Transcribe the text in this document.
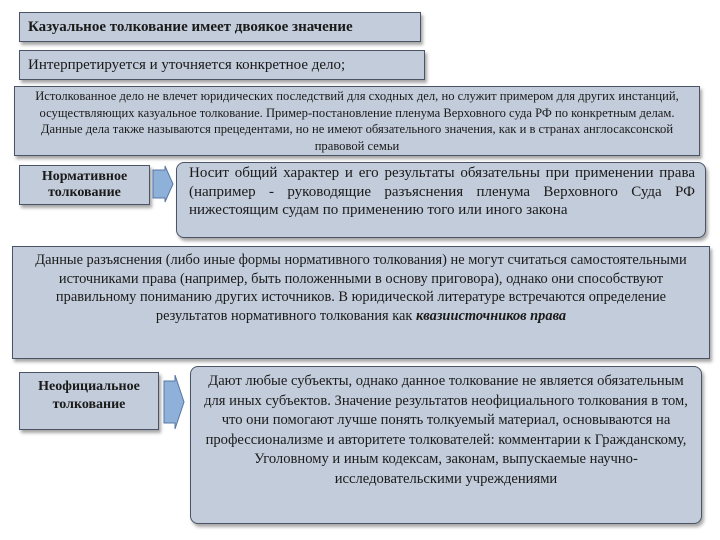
Казуальное толкование имеет двоякое значение
Интерпретируется и уточняется конкретное дело;
Истолкованное дело не влечет юридических последствий для сходных дел, но служит примером для других инстанций, осуществляющих казуальное толкование. Пример-постановление пленума Верховного суда РФ по конкретным делам. Данные дела также называются прецедентами, но не имеют обязательного значения, как и в странах англосаксонской правовой семьи
Нормативное толкование
Носит общий характер и его результаты обязательны при применении права (например - руководящие разъяснения пленума Верховного Суда РФ нижестоящим судам по применению того или иного закона
Данные разъяснения (либо иные формы нормативного толкования) не могут считаться самостоятельными источниками права (например, быть положенными в основу приговора), однако они способствуют правильному пониманию других источников. В юридической литературе встречаются определение результатов нормативного толкования как квазиисточников права
Неофициальное толкование
Дают любые субъекты, однако данное толкование не является обязательным для иных субъектов. Значение результатов неофициального толкования в том, что они помогают лучше понять толкуемый материал, основываются на профессионализме и авторитете толкователей: комментарии к Гражданскому, Уголовному и иным кодексам, законам, выпускаемые научно-исследовательскими учреждениями
